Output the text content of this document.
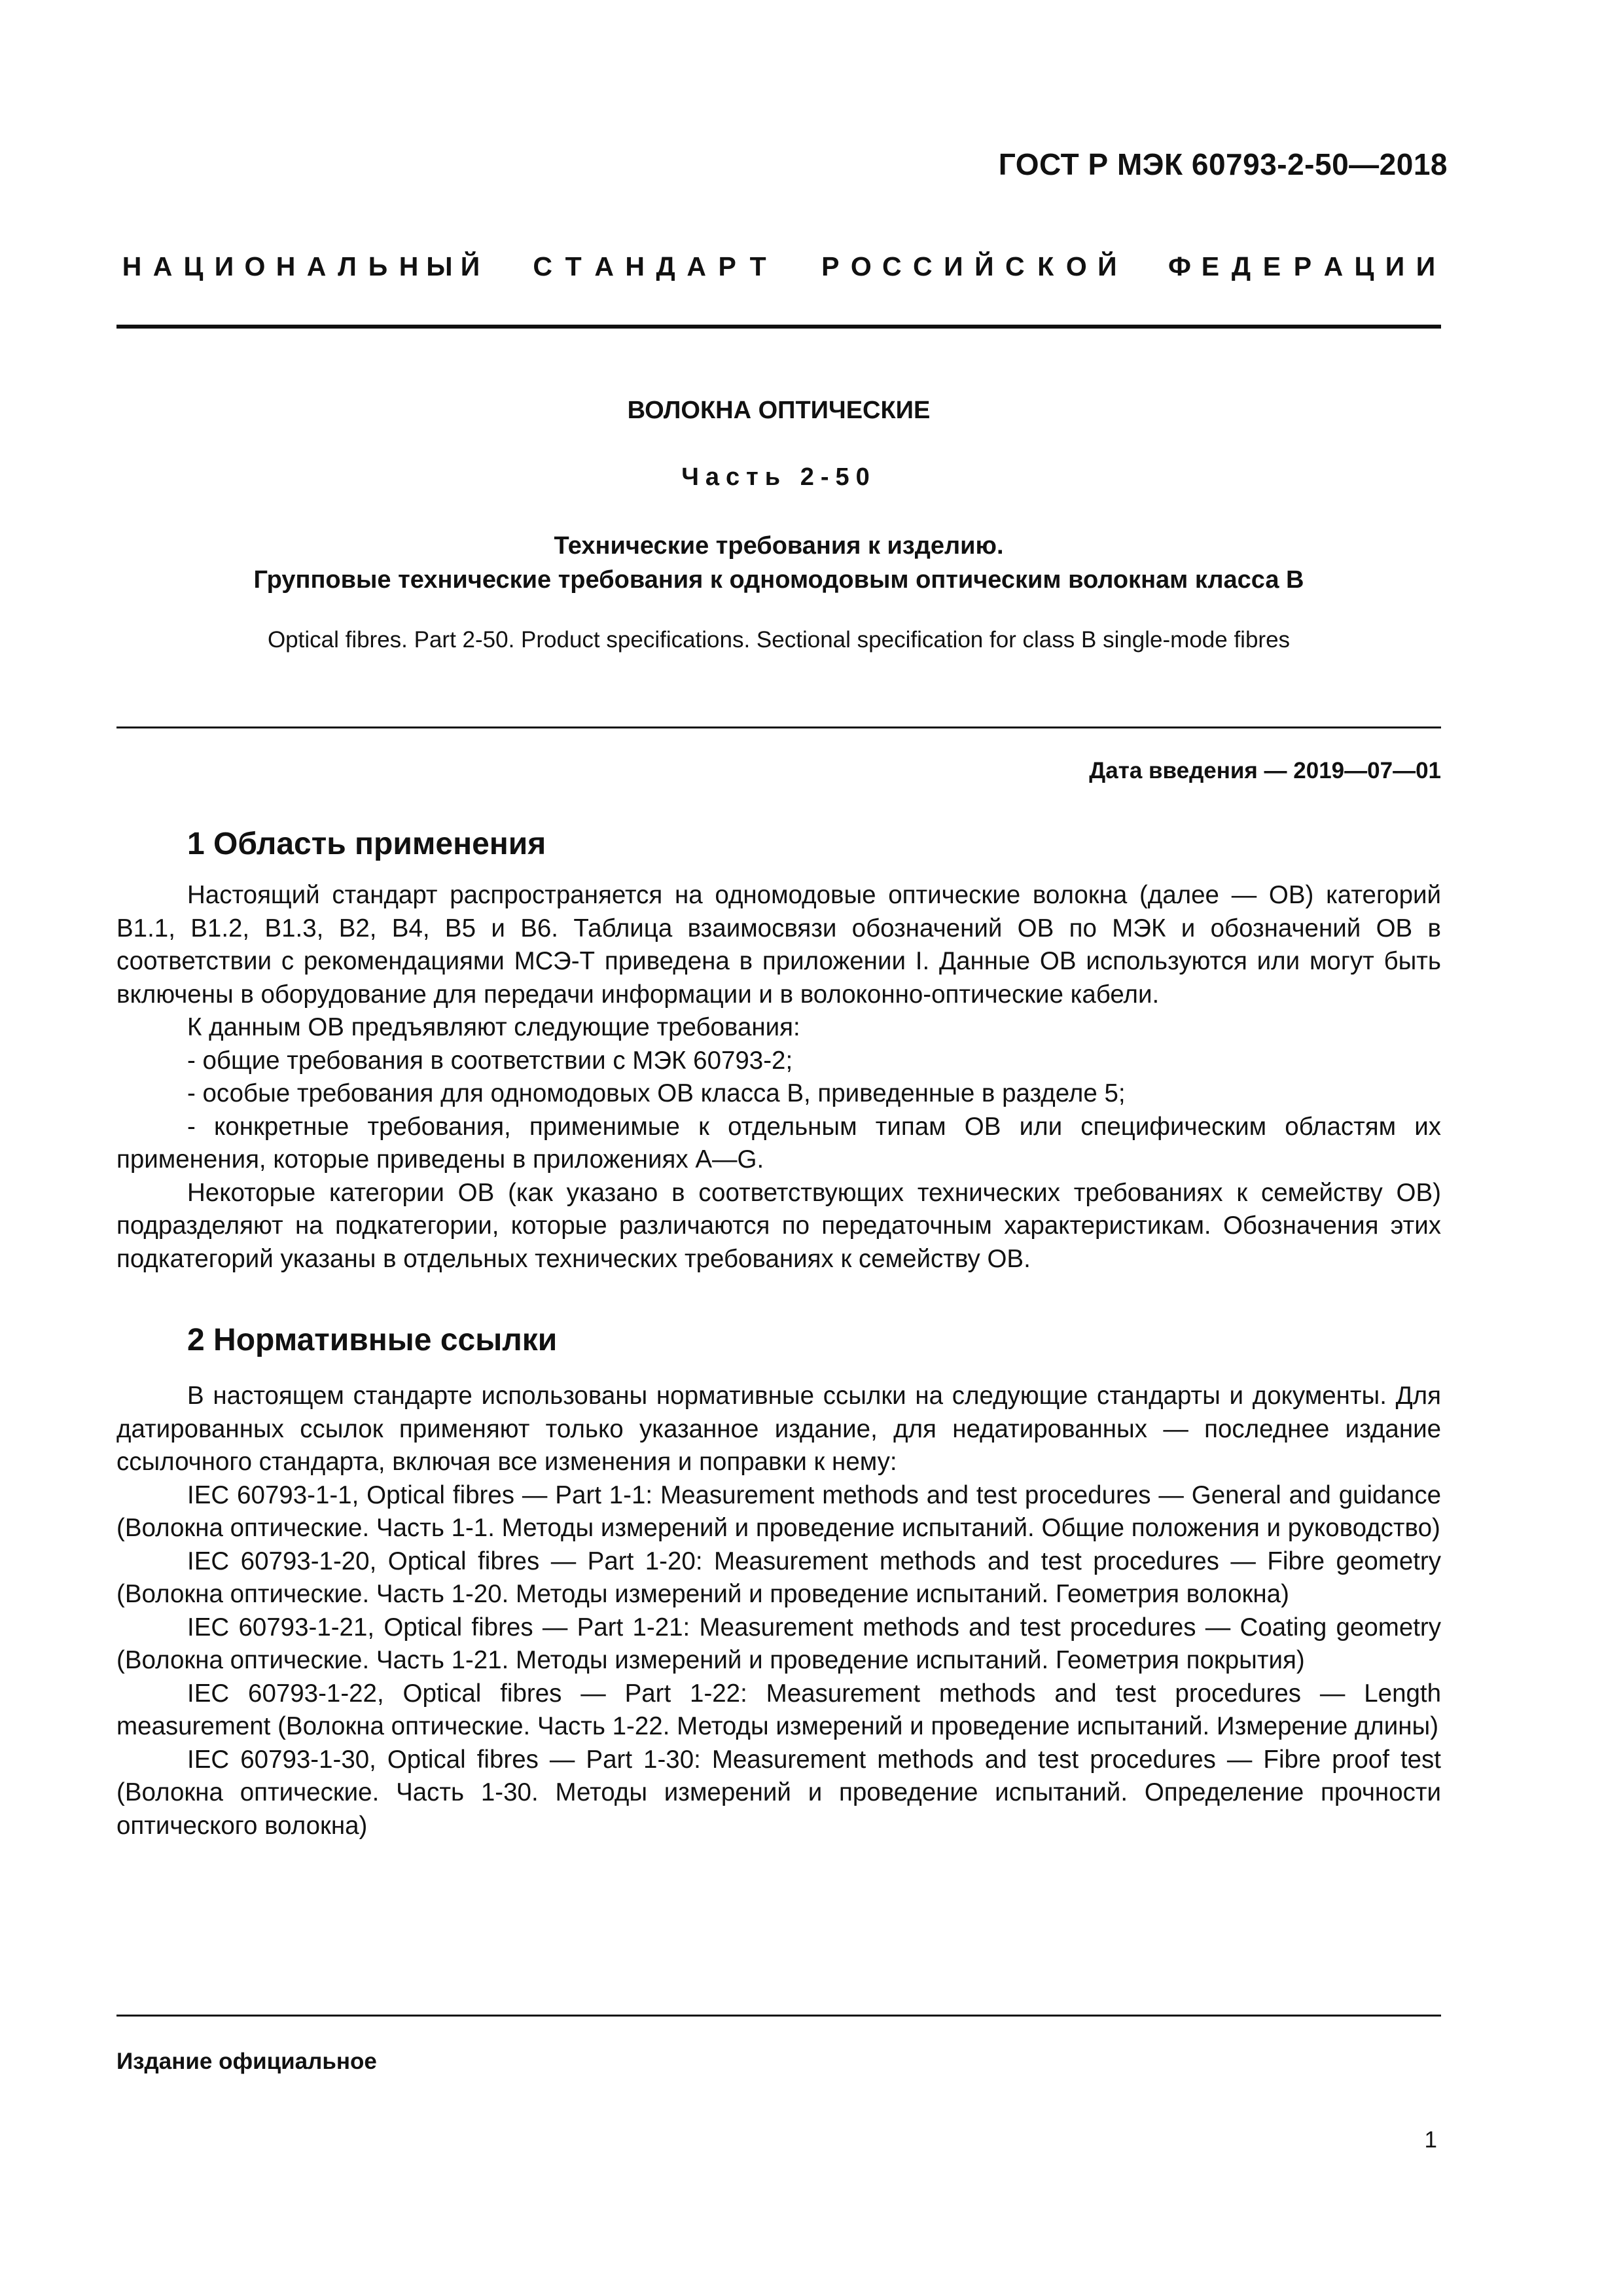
ГОСТ Р МЭК 60793-2-50—2018
Н А Ц И О Н А Л Ь Н Ы Й С Т А Н Д А Р Т Р О С С И Й С К О Й Ф Е Д Е Р А Ц И И
ВОЛОКНА ОПТИЧЕСКИЕ
Часть 2-50
Технические требования к изделию.
Групповые технические требования к одномодовым оптическим волокнам класса В
Optical fibres. Part 2-50. Product specifications. Sectional specification for class B single-mode fibres
Дата введения — 2019—07—01
1 Область применения

Настоящий стандарт распространяется на одномодовые оптические волокна (далее — ОВ) категорий В1.1, В1.2, В1.3, В2, В4, В5 и В6. Таблица взаимосвязи обозначений ОВ по МЭК и обозначений ОВ в соответствии с рекомендациями МСЭ-Т приведена в приложении I. Данные ОВ используются или могут быть включены в оборудование для передачи информации и в волоконно-оптические кабели.

К данным ОВ предъявляют следующие требования:

- общие требования в соответствии с МЭК 60793-2;

- особые требования для одномодовых ОВ класса В, приведенные в разделе 5;

- конкретные требования, применимые к отдельным типам ОВ или специфическим областям их применения, которые приведены в приложениях A—G.

Некоторые категории ОВ (как указано в соответствующих технических требованиях к семейству ОВ) подразделяют на подкатегории, которые различаются по передаточным характеристикам. Обозначения этих подкатегорий указаны в отдельных технических требованиях к семейству ОВ.

2 Нормативные ссылки

В настоящем стандарте использованы нормативные ссылки на следующие стандарты и документы. Для датированных ссылок применяют только указанное издание, для недатированных — последнее издание ссылочного стандарта, включая все изменения и поправки к нему:

IEC 60793-1-1, Optical fibres — Part 1-1: Measurement methods and test procedures — General and guidance (Волокна оптические. Часть 1-1. Методы измерений и проведение испытаний. Общие положения и руководство)

IEC 60793-1-20, Optical fibres — Part 1-20: Measurement methods and test procedures — Fibre geometry (Волокна оптические. Часть 1-20. Методы измерений и проведение испытаний. Геометрия волокна)

IEC 60793-1-21, Optical fibres — Part 1-21: Measurement methods and test procedures — Coating geometry (Волокна оптические. Часть 1-21. Методы измерений и проведение испытаний. Геометрия покрытия)

IEC 60793-1-22, Optical fibres — Part 1-22: Measurement methods and test procedures — Length measurement (Волокна оптические. Часть 1-22. Методы измерений и проведение испытаний. Измерение длины)

IEC 60793-1-30, Optical fibres — Part 1-30: Measurement methods and test procedures — Fibre proof test (Волокна оптические. Часть 1-30. Методы измерений и проведение испытаний. Определение прочности оптического волокна)

Издание официальное
1
